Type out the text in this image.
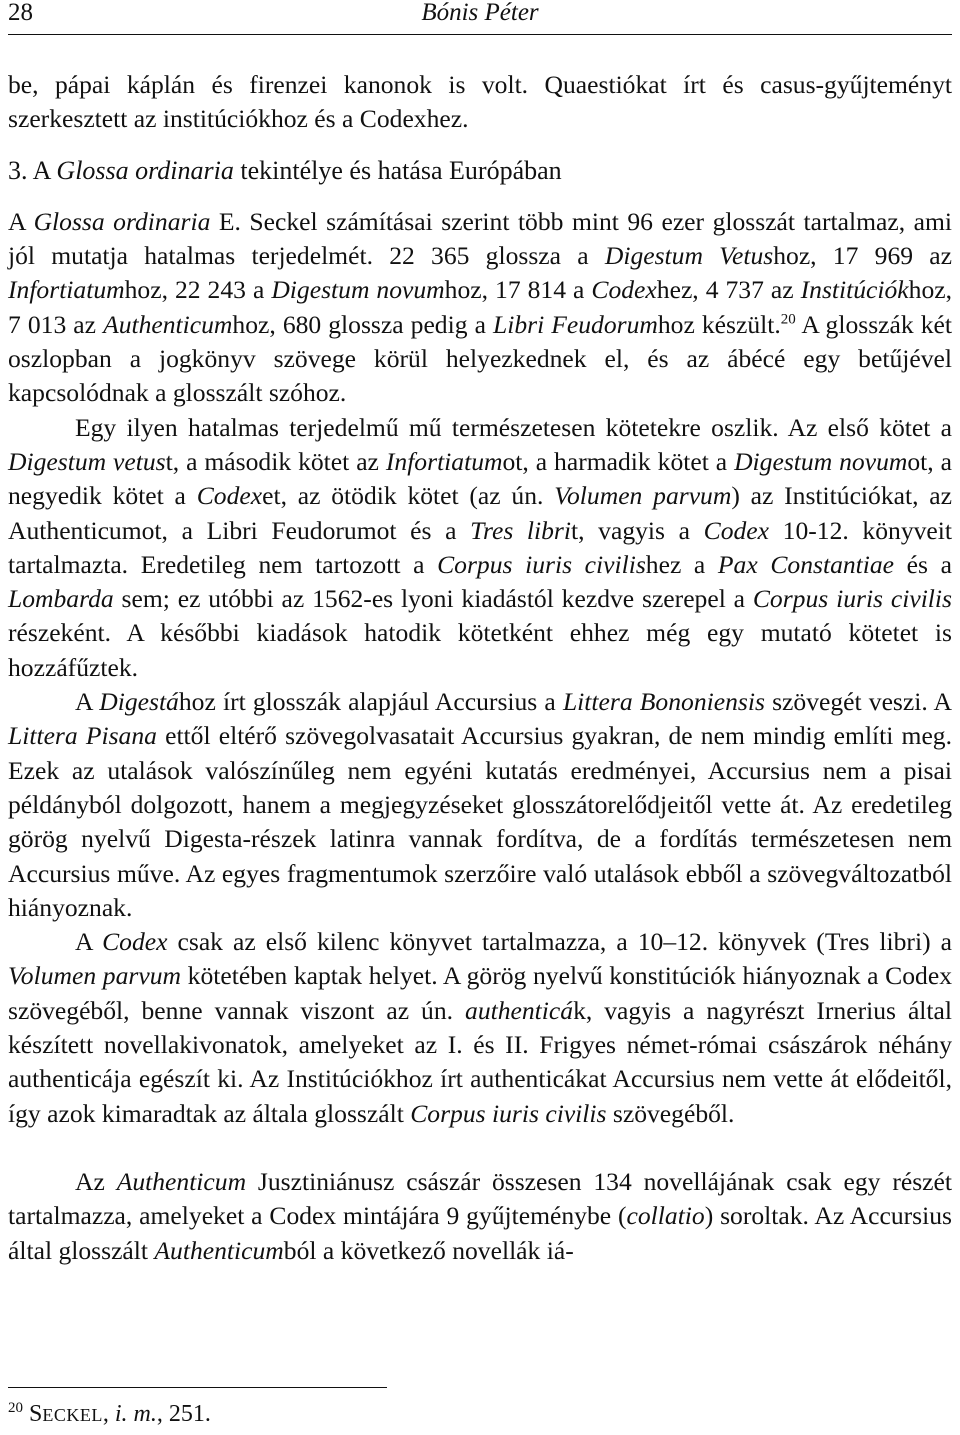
28	Bónis Péter

be, pápai káplán és firenzei kanonok is volt. Quaestiókat írt és casus-gyűjteményt szerkesztett az institúciókhoz és a Codexhez.

3. A Glossa ordinaria tekintélye és hatása Európában

A Glossa ordinaria E. Seckel számításai szerint több mint 96 ezer glosszát tartalmaz, ami jól mutatja hatalmas terjedelmét. 22 365 glossza a Digestum Vetushoz, 17 969 az Infortiatumhoz, 22 243 a Digestum novumhoz, 17 814 a Codexhez, 4 737 az Institúciókhoz, 7 013 az Authenticumhoz, 680 glossza pedig a Libri Feudorumhoz készült.$^{20}$ A glosszák két oszlopban a jogkönyv szövege körül helyezkednek el, és az ábécé egy betűjével kapcsolódnak a glosszált szóhoz.

Egy ilyen hatalmas terjedelmű mű természetesen kötetekre oszlik. Az első kötet a Digestum vetust, a második kötet az Infortiatumot, a harmadik kötet a Digestum novumot, a negyedik kötet a Codexet, az ötödik kötet (az ún. Volumen parvum) az Institúciókat, az Authenticumot, a Libri Feudorumot és a Tres librit, vagyis a Codex 10-12. könyveit tartalmazta. Eredetileg nem tartozott a Corpus iuris civilishez a Pax Constantiae és a Lombarda sem; ez utóbbi az 1562-es lyoni kiadástól kezdve szerepel a Corpus iuris civilis részeként. A későbbi kiadások hatodik kötetként ehhez még egy mutató kötetet is hozzáfűztek.

A Digestához írt glosszák alapjául Accursius a Littera Bononiensis szövegét veszi. A Littera Pisana ettől eltérő szövegolvasatait Accursius gyakran, de nem mindig említi meg. Ezek az utalások valószínűleg nem egyéni kutatás eredményei, Accursius nem a pisai példányból dolgozott, hanem a megjegyzéseket glosszátorelődjeitől vette át. Az eredetileg görög nyelvű Digesta-részek latinra vannak fordítva, de a fordítás természetesen nem Accursius műve. Az egyes fragmentumok szerzőire való utalások ebből a szövegváltozatból hiányoznak.

A Codex csak az első kilenc könyvet tartalmazza, a 10–12. könyvek (Tres libri) a Volumen parvum kötetében kaptak helyet. A görög nyelvű konstitúciók hiányoznak a Codex szövegéből, benne vannak viszont az ún. authenticák, vagyis a nagyrészt Irnerius által készített novellakivonatok, amelyeket az I. és II. Frigyes német-római császárok néhány authenticája egészít ki. Az Institúciókhoz írt authenticákat Accursius nem vette át elődeitől, így azok kimaradtak az általa glosszált Corpus iuris civilis szövegéből.

Az Authenticum Jusztiniánusz császár összesen 134 novellájának csak egy részét tartalmazza, amelyeket a Codex mintájára 9 gyűjteménybe (collatio) soroltak. Az Accursius által glosszált Authenticumból a következő novellák iá-

$^{20}$ SECKEL, i. m., 251.
